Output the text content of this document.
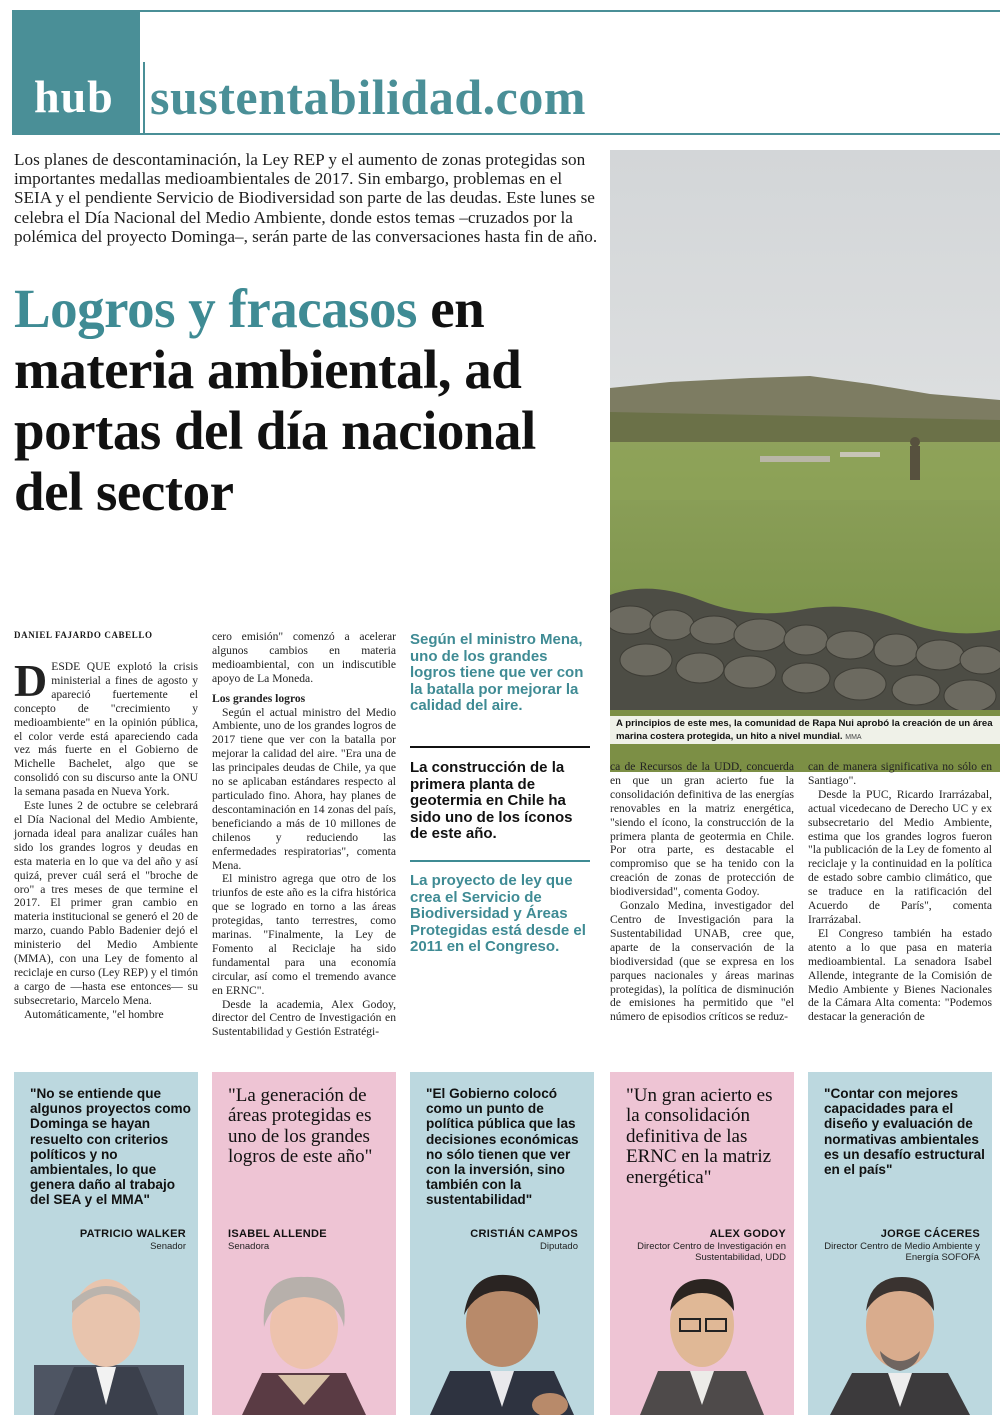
hub sustentabilidad.com
Los planes de descontaminación, la Ley REP y el aumento de zonas protegidas son importantes medallas medioambientales de 2017. Sin embargo, problemas en el SEIA y el pendiente Servicio de Biodiversidad son parte de las deudas. Este lunes se celebra el Día Nacional del Medio Ambiente, donde estos temas –cruzados por la polémica del proyecto Dominga–, serán parte de las conversaciones hasta fin de año.
Logros y fracasos en materia ambiental, ad portas del día nacional del sector
A principios de este mes, la comunidad de Rapa Nui aprobó la creación de un área marina costera protegida, un hito a nivel mundial. MMA
DANIEL FAJARDO CABELLO

DESDE QUE explotó la crisis ministerial a fines de agosto y apareció fuertemente el concepto de "crecimiento y medioambiente" en la opinión pública, el color verde está apareciendo cada vez más fuerte en el Gobierno de Michelle Bachelet, algo que se consolidó con su discurso ante la ONU la semana pasada en Nueva York.

Este lunes 2 de octubre se celebrará el Día Nacional del Medio Ambiente, jornada ideal para analizar cuáles han sido los grandes logros y deudas en esta materia en lo que va del año y así quizá, prever cuál será el "broche de oro" a tres meses de que termine el 2017. El primer gran cambio en materia institucional se generó el 20 de marzo, cuando Pablo Badenier dejó el ministerio del Medio Ambiente (MMA), con una Ley de fomento al reciclaje en curso (Ley REP) y el timón a cargo de —hasta ese entonces— su subsecretario, Marcelo Mena.

Automáticamente, "el hombre

cero emisión" comenzó a acelerar algunos cambios en materia medioambiental, con un indiscutible apoyo de La Moneda.

Los grandes logros

Según el actual ministro del Medio Ambiente, uno de los grandes logros de 2017 tiene que ver con la batalla por mejorar la calidad del aire. "Era una de las principales deudas de Chile, ya que no se aplicaban estándares respecto al particulado fino. Ahora, hay planes de descontaminación en 14 zonas del país, beneficiando a más de 10 millones de chilenos y reduciendo las enfermedades respiratorias", comenta Mena.

El ministro agrega que otro de los triunfos de este año es la cifra histórica que se logrado en torno a las áreas protegidas, tanto terrestres, como marinas. "Finalmente, la Ley de Fomento al Reciclaje ha sido fundamental para una economía circular, así como el tremendo avance en ERNC".

Desde la academia, Alex Godoy, director del Centro de Investigación en Sustentabilidad y Gestión Estratégi-

Según el ministro Mena, uno de los grandes logros tiene que ver con la batalla por mejorar la calidad del aire.
La construcción de la primera planta de geotermia en Chile ha sido uno de los íconos de este año.
La proyecto de ley que crea el Servicio de Biodiversidad y Áreas Protegidas está desde el 2011 en el Congreso.

ca de Recursos de la UDD, concuerda en que un gran acierto fue la consolidación definitiva de las energías renovables en la matriz energética, "siendo el ícono, la construcción de la primera planta de geotermia en Chile. Por otra parte, es destacable el compromiso que se ha tenido con la creación de zonas de protección de biodiversidad", comenta Godoy.

Gonzalo Medina, investigador del Centro de Investigación para la Sustentabilidad UNAB, cree que, aparte de la conservación de la biodiversidad (que se expresa en los parques nacionales y áreas marinas protegidas), la política de disminución de emisiones ha permitido que "el número de episodios críticos se reduz-

can de manera significativa no sólo en Santiago".

Desde la PUC, Ricardo Irarrázabal, actual vicedecano de Derecho UC y ex subsecretario del Medio Ambiente, estima que los grandes logros fueron "la publicación de la Ley de fomento al reciclaje y la continuidad en la política de estado sobre cambio climático, que se traduce en la ratificación del Acuerdo de París", comenta Irarrázabal.

El Congreso también ha estado atento a lo que pasa en materia medioambiental. La senadora Isabel Allende, integrante de la Comisión de Medio Ambiente y Bienes Nacionales de la Cámara Alta comenta: "Podemos destacar la generación de

"No se entiende que algunos proyectos como Dominga se hayan resuelto con criterios políticos y no ambientales, lo que genera daño al trabajo del SEA y el MMA"
PATRICIO WALKER
Senador
"La generación de áreas protegidas es uno de los grandes logros de este año"
ISABEL ALLENDE
Senadora
"El Gobierno colocó como un punto de política pública que las decisiones económicas no sólo tienen que ver con la inversión, sino también con la sustentabilidad"
CRISTIÁN CAMPOS
Diputado
"Un gran acierto es la consolidación definitiva de las ERNC en la matriz energética"
ALEX GODOY
Director Centro de Investigación en Sustentabilidad, UDD
"Contar con mejores capacidades para el diseño y evaluación de normativas ambientales es un desafío estructural en el país"
JORGE CÁCERES
Director Centro de Medio Ambiente y Energía SOFOFA
